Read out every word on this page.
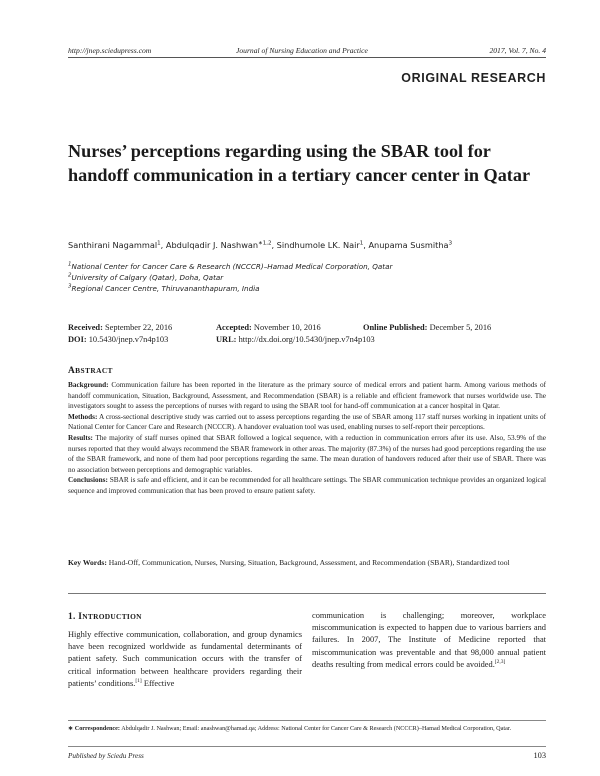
http://jnep.sciedupress.com	Journal of Nursing Education and Practice	2017, Vol. 7, No. 4
ORIGINAL RESEARCH
Nurses’ perceptions regarding using the SBAR tool for handoff communication in a tertiary cancer center in Qatar
Santhirani Nagammal$^1$, Abdulqadir J. Nashwan$^{∗1,2}$, Sindhumole LK. Nair$^1$, Anupama Susmitha$^3$
$^1$National Center for Cancer Care & Research (NCCCR)–Hamad Medical Corporation, Qatar
$^2$University of Calgary (Qatar), Doha, Qatar
$^3$Regional Cancer Centre, Thiruvananthapuram, India
Received: September 22, 2016	Accepted: November 10, 2016	Online Published: December 5, 2016
DOI: 10.5430/jnep.v7n4p103	URL: http://dx.doi.org/10.5430/jnep.v7n4p103
ABSTRACT

Background: Communication failure has been reported in the literature as the primary source of medical errors and patient harm. Among various methods of handoff communication, Situation, Background, Assessment, and Recommendation (SBAR) is a reliable and efficient framework that nurses worldwide use. The investigators sought to assess the perceptions of nurses with regard to using the SBAR tool for hand-off communication at a cancer hospital in Qatar.

Methods: A cross-sectional descriptive study was carried out to assess perceptions regarding the use of SBAR among 117 staff nurses working in inpatient units of National Center for Cancer Care and Research (NCCCR). A handover evaluation tool was used, enabling nurses to self-report their perceptions.

Results: The majority of staff nurses opined that SBAR followed a logical sequence, with a reduction in communication errors after its use. Also, 53.9% of the nurses reported that they would always recommend the SBAR framework in other areas. The majority (87.3%) of the nurses had good perceptions regarding the use of the SBAR framework, and none of them had poor perceptions regarding the same. The mean duration of handovers reduced after their use of SBAR. There was no association between perceptions and demographic variables.

Conclusions: SBAR is safe and efficient, and it can be recommended for all healthcare settings. The SBAR communication technique provides an organized logical sequence and improved communication that has been proved to ensure patient safety.

Key Words: Hand-Off, Communication, Nurses, Nursing, Situation, Background, Assessment, and Recommendation (SBAR), Standardized tool
1. INTRODUCTION
Highly effective communication, collaboration, and group dynamics have been recognized worldwide as fundamental determinants of patient safety. Such communication occurs with the transfer of critical information between healthcare providers regarding their patients’ conditions.[1] Effective
communication is challenging; moreover, workplace miscommunication is expected to happen due to various barriers and failures. In 2007, The Institute of Medicine reported that miscommunication was preventable and that 98,000 annual patient deaths resulting from medical errors could be avoided.[2,3]
∗ Correspondence: Abdulqadir J. Nashwan; Email: anashwan@hamad.qa; Address: National Center for Cancer Care & Research (NCCCR)–Hamad Medical Corporation, Qatar.
Published by Sciedu Press	103
